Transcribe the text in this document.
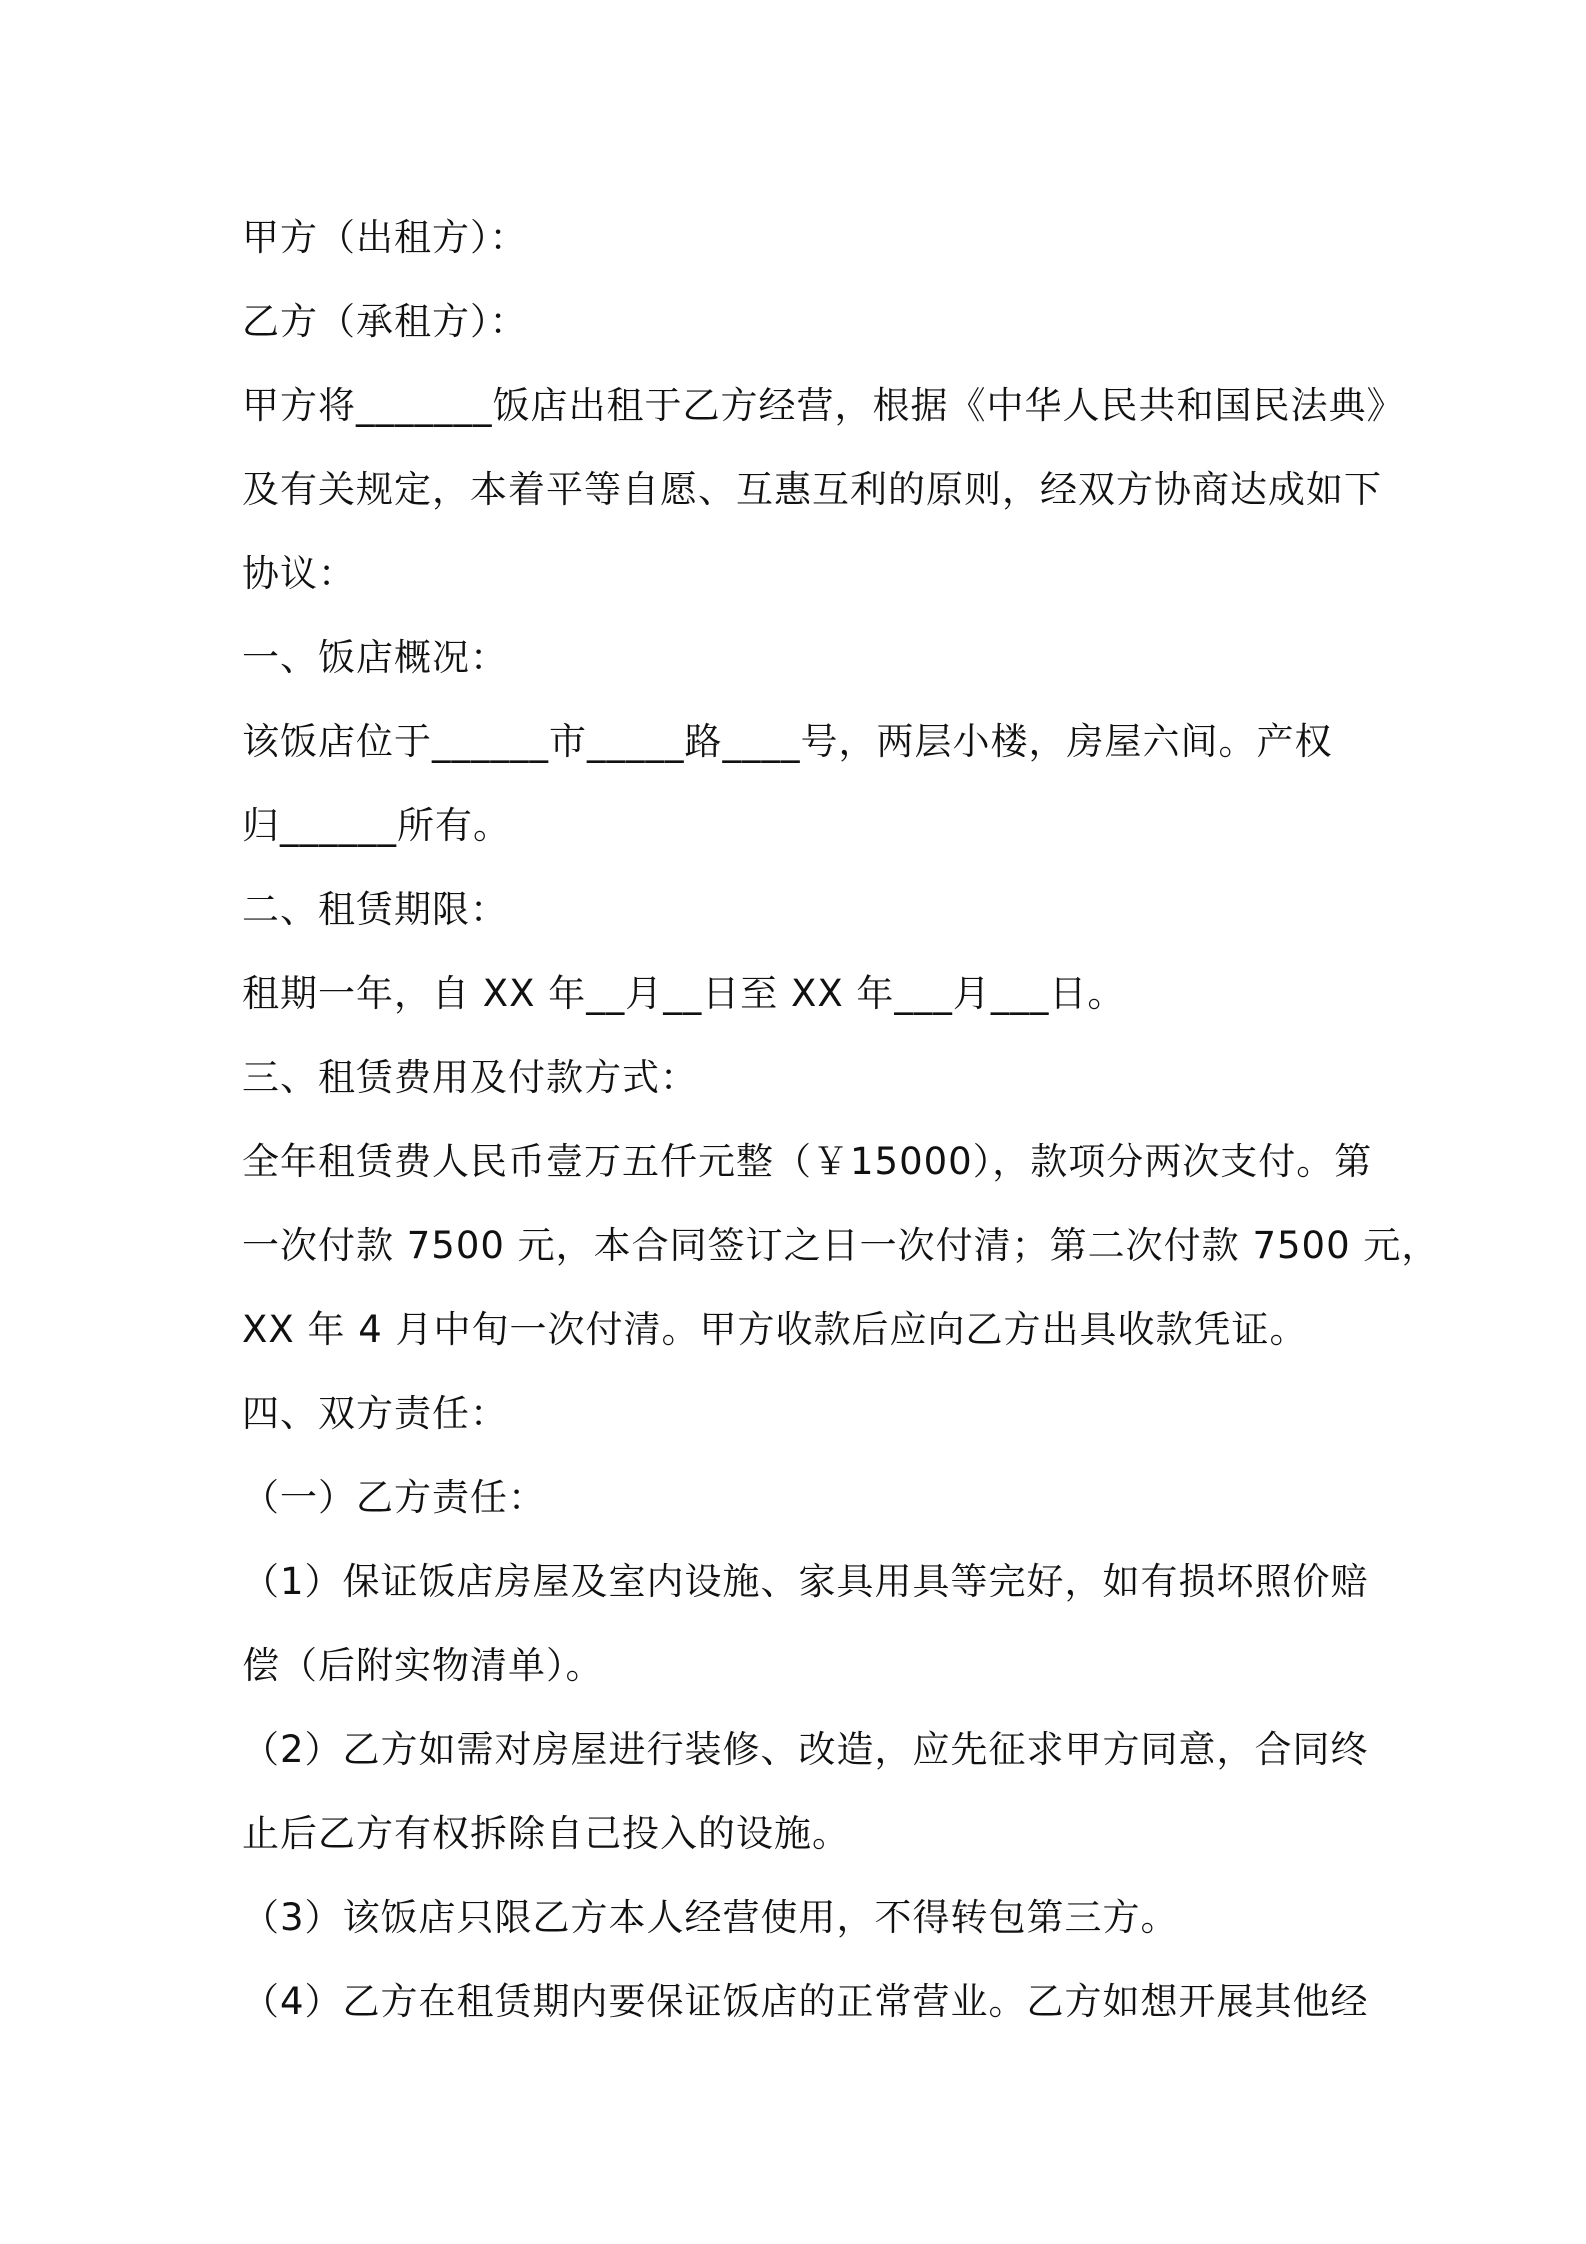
甲方（出租方）：
乙方（承租方）：
甲方将_______饭店出租于乙方经营，根据《中华人民共和国民法典》
及有关规定，本着平等自愿、互惠互利的原则，经双方协商达成如下
协议：
一、饭店概况：
该饭店位于______市_____路____号，两层小楼，房屋六间。产权
归______所有。
二、租赁期限：
租期一年，自 XX 年__月__日至 XX 年___月___日。
三、租赁费用及付款方式：
全年租赁费人民币壹万五仟元整（￥15000），款项分两次支付。第
一次付款 7500 元，本合同签订之日一次付清；第二次付款 7500 元，
XX 年 4 月中旬一次付清。甲方收款后应向乙方出具收款凭证。
四、双方责任：
（一）乙方责任：
（1）保证饭店房屋及室内设施、家具用具等完好，如有损坏照价赔
偿（后附实物清单）。
（2）乙方如需对房屋进行装修、改造，应先征求甲方同意，合同终
止后乙方有权拆除自己投入的设施。
（3）该饭店只限乙方本人经营使用，不得转包第三方。
（4）乙方在租赁期内要保证饭店的正常营业。乙方如想开展其他经
